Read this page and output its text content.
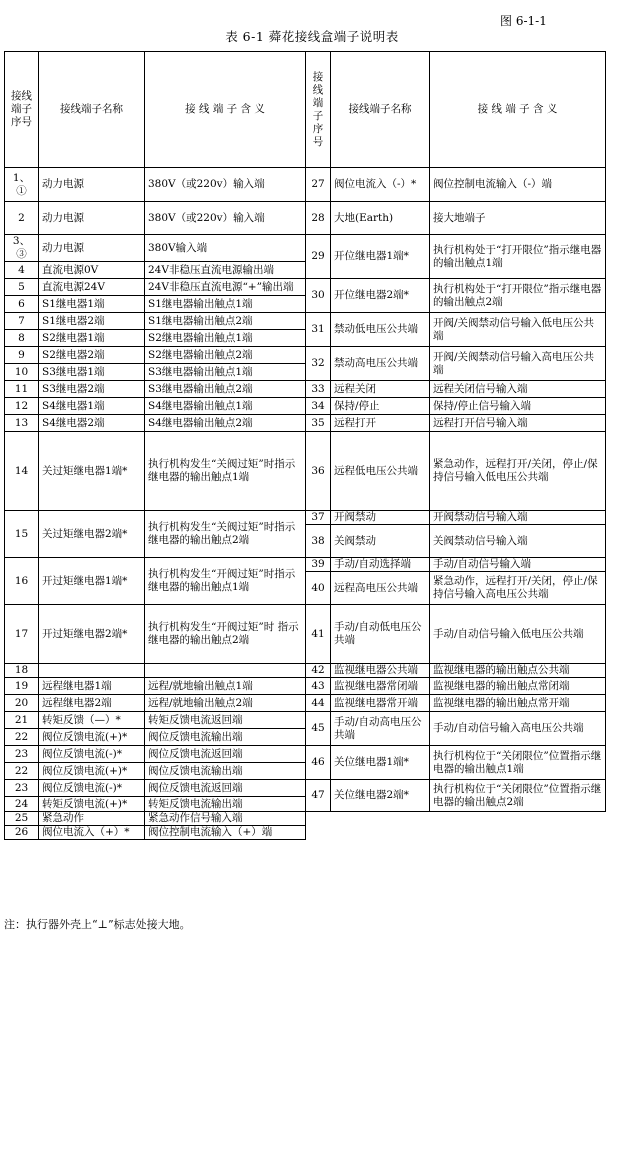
图 6-1-1
表 6-1 蕣花接线盒端子说明表
接线端子序号	接线端子名称	接 线 端 子 含 义	接线端子序号	接线端子名称	接 线 端 子 含 义

1、①	动力电源	380V（或220v）输入端	27	阀位电流入（-）*	阀位控制电流输入（-）端

2	动力电源	380V（或220v）输入端	28	大地(Earth)	接大地端子
3、③	动力电源	380V输入端	29	开位继电器1端*	执行机构处于“打开限位”指示继电器的输出触点1端
4	直流电源0V	24V非稳压直流电源输出端			
5	直流电源24V	24V非稳压直流电源“+”输出端	30	开位继电器2端*	执行机构处于“打开限位”指示继电器的输出触点2端
6	S1继电器1端	S1继电器输出触点1端			
7	S1继电器2端	S1继电器输出触点2端	31	禁动低电压公共端	开阀/关阀禁动信号输入低电压公共端
8	S2继电器1端	S2继电器输出触点1端			
9	S2继电器2端	S2继电器输出触点2端	32	禁动高电压公共端	开阀/关阀禁动信号输入高电压公共端
10	S3继电器1端	S3继电器输出触点1端			
11	S3继电器2端	S3继电器输出触点2端	33	远程关闭	远程关闭信号输入端
12	S4继电器1端	S4继电器输出触点1端	34	保持/停止	保持/停止信号输入端
13	S4继电器2端	S4继电器输出触点2端	35	远程打开	远程打开信号输入端
14	关过矩继电器1端*	执行机构发生“关阀过矩”时指示继电器的输出触点1端	36	远程低电压公共端	紧急动作，远程打开/关闭，停止/保持信号输入低电压公共端

15	关过矩继电器2端*	执行机构发生“关阀过矩”时指示继电器的输出触点2端	37	开阀禁动	开阀禁动信号输入端
			38	关阀禁动	关阀禁动信号输入端
16	开过矩继电器1端*	执行机构发生“开阀过矩”时指示继电器的输出触点1端	39	手动/自动选择端	手动/自动信号输入端
			40	远程高电压公共端	紧急动作，远程打开/关闭，停止/保持信号输入高电压公共端
17	开过矩继电器2端*	执行机构发生“开阀过矩”时 指示继电器的输出触点2端	41	手动/自动低电压公共端	手动/自动信号输入低电压公共端

18			42	监视继电器公共端	监视继电器的输出触点公共端
19	远程继电器1端	远程/就地输出触点1端	43	监视继电器常闭端	监视继电器的输出触点常闭端
20	远程继电器2端	远程/就地输出触点2端	44	监视继电器常开端	监视继电器的输出触点常开端
21	转矩反馈（—）*	转矩反馈电流返回端	45	手动/自动高电压公共端	手动/自动信号输入高电压公共端
22	阀位反馈电流(+)*	阀位反馈电流输出端			
23	阀位反馈电流(-)*	阀位反馈电流返回端	46	关位继电器1端*	执行机构位于“关闭限位”位置指示继电器的输出触点1端
22	阀位反馈电流(+)*	阀位反馈电流输出端			
23	阀位反馈电流(-)*	阀位反馈电流返回端	47	关位继电器2端*	执行机构位于“关闭限位”位置指示继电器的输出触点2端
24	转矩反馈电流(+)*	转矩反馈电流输出端			
25	紧急动作	紧急动作信号输入端			
26	阀位电流入（+）*	阀位控制电流输入（+）端			

注：执行器外壳上“⊥”标志处接大地。
